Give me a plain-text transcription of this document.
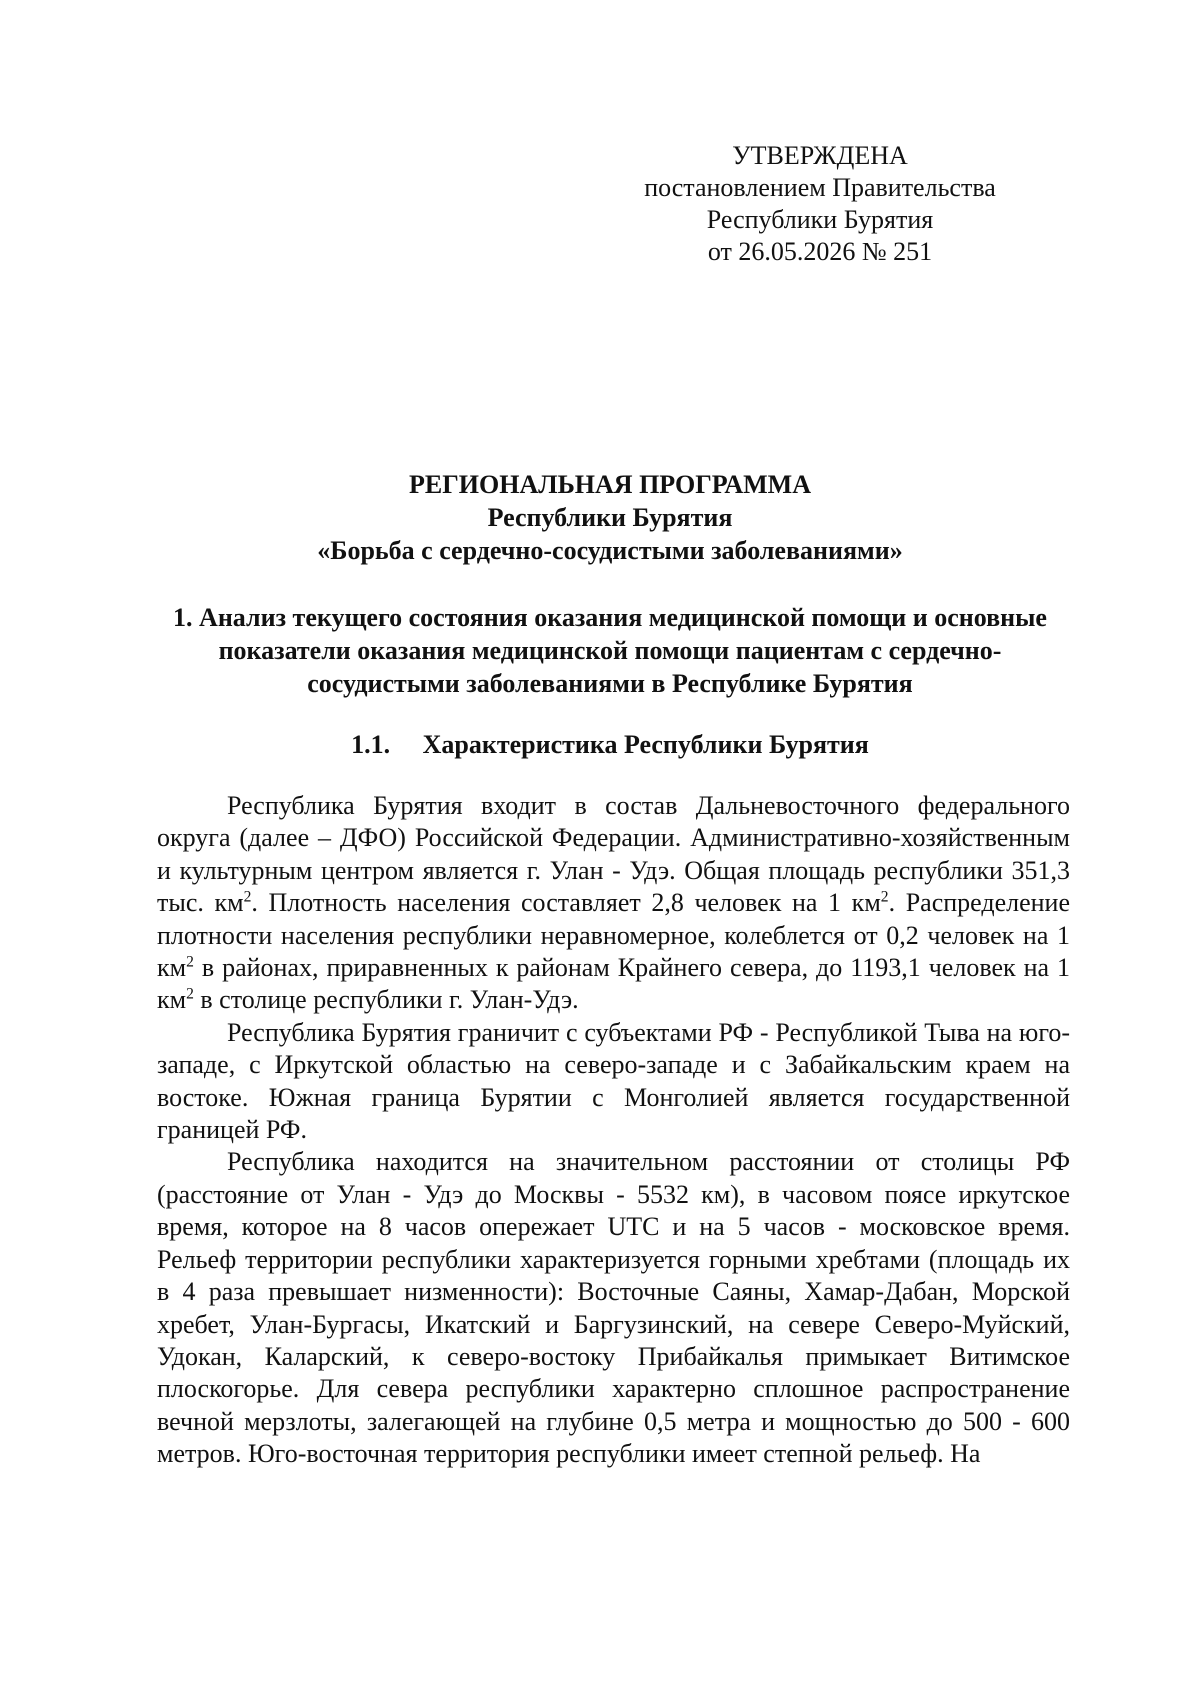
УТВЕРЖДЕНА
постановлением Правительства
Республики Бурятия
от 26.05.2026 № 251
РЕГИОНАЛЬНАЯ ПРОГРАММА
Республики Бурятия
«Борьба с сердечно-сосудистыми заболеваниями»
1. Анализ текущего состояния оказания медицинской помощи и основные показатели оказания медицинской помощи пациентам с сердечно-сосудистыми заболеваниями в Республике Бурятия
1.1. Характеристика Республики Бурятия

Республика Бурятия входит в состав Дальневосточного федерального округа (далее – ДФО) Российской Федерации. Административно-хозяйственным и культурным центром является г. Улан - Удэ. Общая площадь республики 351,3 тыс. $км^2$. Плотность населения составляет 2,8 человек на 1 $км^2$. Распределение плотности населения республики неравномерное, колеблется от 0,2 человек на 1 $км^2$ в районах, приравненных к районам Крайнего севера, до 1193,1 человек на 1 $км^2$ в столице республики г. Улан-Удэ.

Республика Бурятия граничит с субъектами РФ - Республикой Тыва на юго-западе, с Иркутской областью на северо-западе и с Забайкальским краем на востоке. Южная граница Бурятии с Монголией является государственной границей РФ.

Республика находится на значительном расстоянии от столицы РФ (расстояние от Улан - Удэ до Москвы - 5532 км), в часовом поясе иркутское время, которое на 8 часов опережает UTC и на 5 часов - московское время. Рельеф территории республики характеризуется горными хребтами (площадь их в 4 раза превышает низменности): Восточные Саяны, Хамар-Дабан, Морской хребет, Улан-Бургасы, Икатский и Баргузинский, на севере Северо-Муйский, Удокан, Каларский, к северо-востоку Прибайкалья примыкает Витимское плоскогорье. Для севера республики характерно сплошное распространение вечной мерзлоты, залегающей на глубине 0,5 метра и мощностью до 500 - 600 метров. Юго-восточная территория республики имеет степной рельеф. На
